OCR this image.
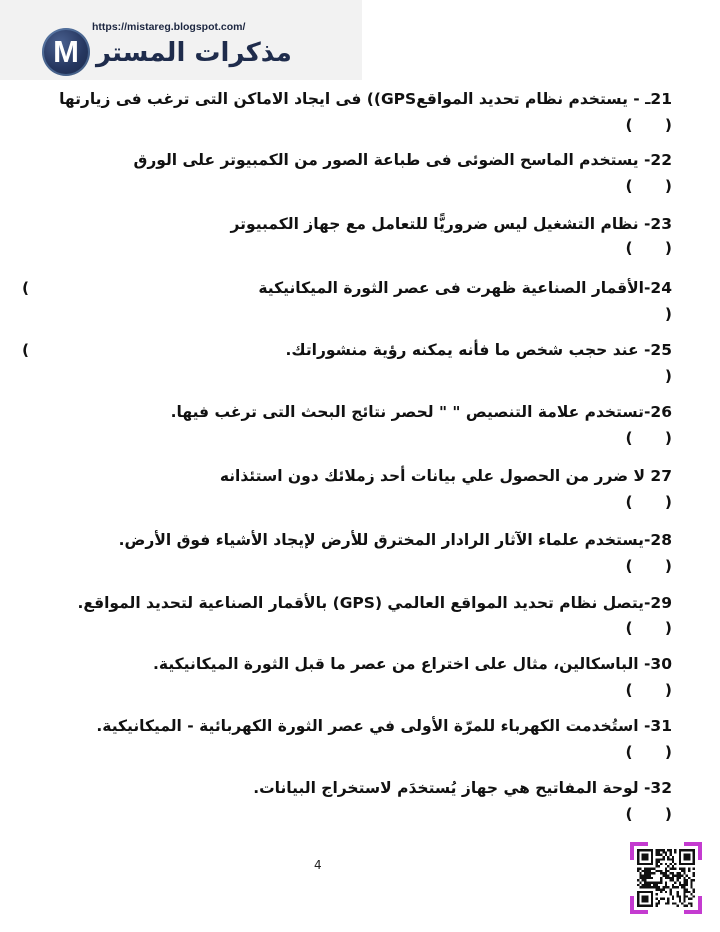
M
https://mistareg.blogspot.com/
مذكرات المستر
21ـ - يستخدم نظام تحديد المواقعGPS)) فى ايجاد الاماكن التى ترغب فى زيارتها
(      )
22- يستخدم الماسح الضوئى فى طباعة الصور من الكمبيوتر على الورق
(      )
23- نظام التشغيل ليس ضروريًّا للتعامل مع جهاز الكمبيوتر
(      )
24-الأقمار الصناعية ظهرت فى عصر الثورة الميكانيكية
(
)
25- عند حجب شخص ما فأنه يمكنه رؤية منشوراتك.
(
)
26-تستخدم علامة التنصيص " " لحصر نتائج البحث التى ترغب فيها.
(      )
27 لا ضرر من الحصول علي بيانات أحد زملائك دون استئذانه
(      )
28-يستخدم علماء الآثار الرادار المخترق للأرض لإيجاد الأشياء فوق الأرض.
(      )
29-يتصل نظام تحديد المواقع العالمي (GPS) بالأقمار الصناعية لتحديد المواقع.
(      )
30- الباسكالين، مثال على اختراع من عصر ما قبل الثورة الميكانيكية.
(      )
31- استُخدمت الكهرباء للمرّة الأولى في عصر الثورة الكهربائية - الميكانيكية.
(      )
32- لوحة المفاتيح هي جهاز يُستخدَم لاستخراج البيانات.
(      )
4
